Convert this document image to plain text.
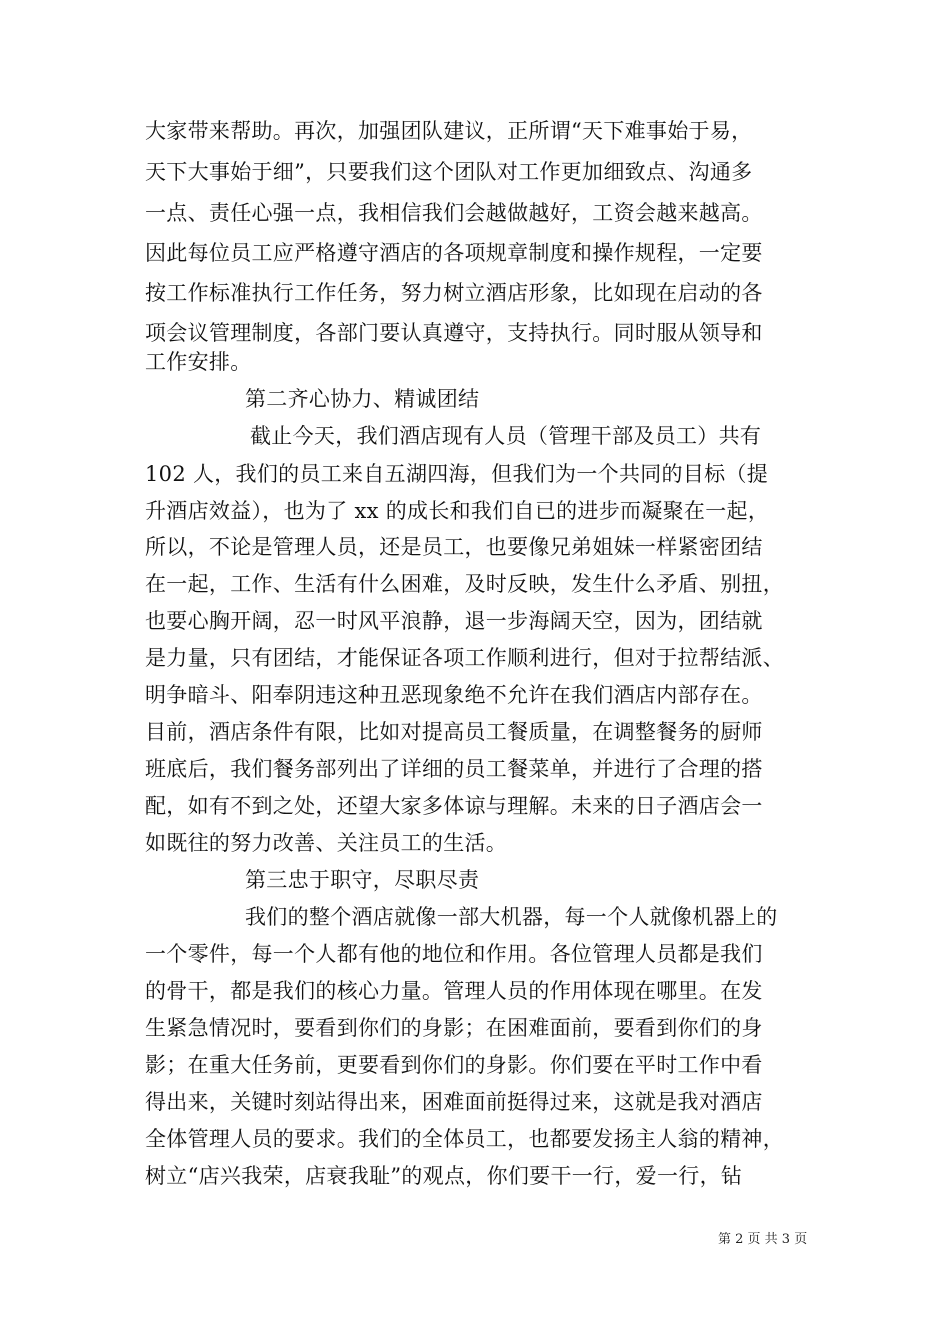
大家带来帮助。再次，加强团队建议，正所谓“天下难事始于易，
天下大事始于细”，只要我们这个团队对工作更加细致点、沟通多
一点、责任心强一点，我相信我们会越做越好，工资会越来越高。
因此每位员工应严格遵守酒店的各项规章制度和操作规程，一定要
按工作标准执行工作任务，努力树立酒店形象，比如现在启动的各
项会议管理制度，各部门要认真遵守，支持执行。同时服从领导和
工作安排。
第二齐心协力、精诚团结
截止今天，我们酒店现有人员（管理干部及员工）共有
102 人，我们的员工来自五湖四海，但我们为一个共同的目标（提
升酒店效益），也为了 xx 的成长和我们自已的进步而凝聚在一起，
所以，不论是管理人员，还是员工，也要像兄弟姐妹一样紧密团结
在一起，工作、生活有什么困难，及时反映，发生什么矛盾、别扭，
也要心胸开阔，忍一时风平浪静，退一步海阔天空，因为，团结就
是力量，只有团结，才能保证各项工作顺利进行，但对于拉帮结派、
明争暗斗、阳奉阴违这种丑恶现象绝不允许在我们酒店内部存在。
目前，酒店条件有限，比如对提高员工餐质量，在调整餐务的厨师
班底后，我们餐务部列出了详细的员工餐菜单，并进行了合理的搭
配，如有不到之处，还望大家多体谅与理解。未来的日子酒店会一
如既往的努力改善、关注员工的生活。
第三忠于职守，尽职尽责
我们的整个酒店就像一部大机器，每一个人就像机器上的
一个零件，每一个人都有他的地位和作用。各位管理人员都是我们
的骨干，都是我们的核心力量。管理人员的作用体现在哪里。在发
生紧急情况时，要看到你们的身影；在困难面前，要看到你们的身
影；在重大任务前，更要看到你们的身影。你们要在平时工作中看
得出来，关键时刻站得出来，困难面前挺得过来，这就是我对酒店
全体管理人员的要求。我们的全体员工，也都要发扬主人翁的精神，
树立“店兴我荣，店衰我耻”的观点，你们要干一行，爱一行，钻
第 2 页 共 3 页
